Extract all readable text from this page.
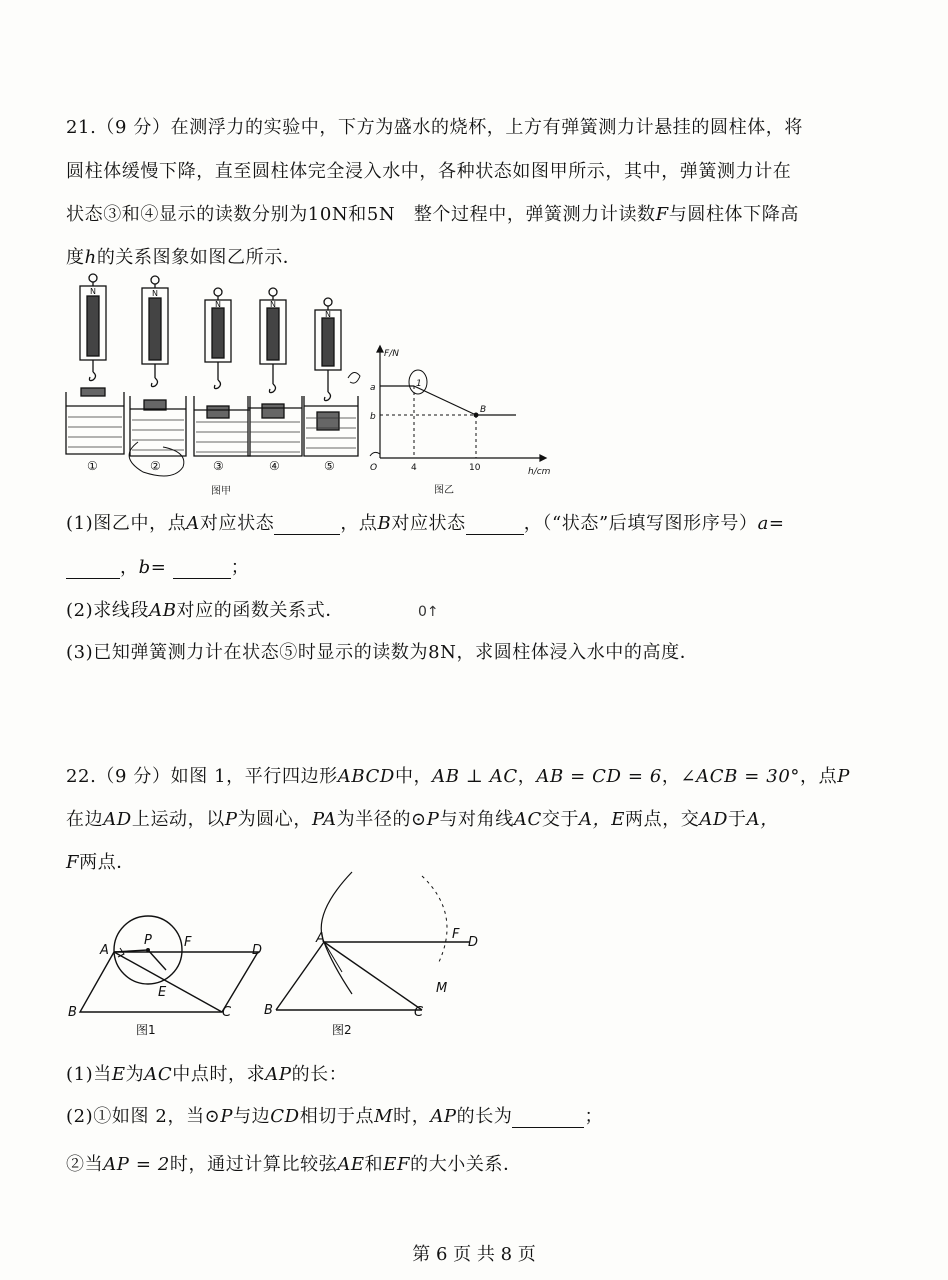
21.（9 分）在测浮力的实验中，下方为盛水的烧杯，上方有弹簧测力计悬挂的圆柱体，将
圆柱体缓慢下降，直至圆柱体完全浸入水中，各种状态如图甲所示，其中，弹簧测力计在
状态③和④显示的读数分别为10N和5N　整个过程中，弹簧测力计读数F与圆柱体下降高
度h的关系图象如图乙所示．
N	N
N	N
N
①	②	③	④	⑤
图甲
F/N
h/cm
O
a
b
B
1
4	10
图乙
(1)图乙中，点A对应状态	，点B对应状态	，（“状态”后填写图形序号）a=
，b=	；
(2)求线段AB对应的函数关系式．	0↑
(3)已知弹簧测力计在状态⑤时显示的读数为8N，求圆柱体浸入水中的高度．
22.（9 分）如图 1，平行四边形ABCD中，AB ⊥ AC，AB = CD = 6，∠ACB = 30°，点P
在边AD上运动，以P为圆心，PA为半径的⊙P与对角线AC交于A，E两点，交AD于A，
F两点．
A
P F
D
E
B	C
图1
A	F
D
M
B	C
图2
(1)当E为AC中点时，求AP的长：
(2)①如图 2，当⊙P与边CD相切于点M时，AP的长为	；
②当AP = 2时，通过计算比较弦AE和EF的大小关系．
第 6 页 共 8 页
